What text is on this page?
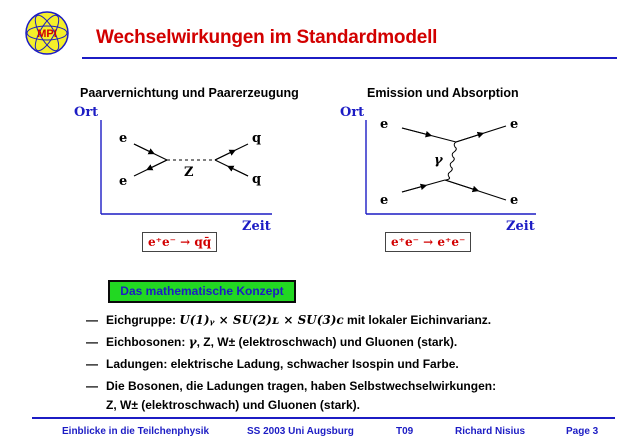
MPI Wechselwirkungen im Standardmodell
Paarvernichtung und Paarerzeugung
Ort
Zeit
e
e
q
q
Z
e⁺e⁻ → qq̄
Emission und Absorption
Ort
Zeit
e	e
e	e
γ
e⁺e⁻ → e⁺e⁻
Das mathematische Konzept
— Eichgruppe: U(1)ᵧ × SU(2)ʟ × SU(3)ᴄ mit lokaler Eichinvarianz.
— Eichbosonen: γ, Z, W± (elektroschwach) und Gluonen (stark).
— Ladungen: elektrische Ladung, schwacher Isospin und Farbe.
— Die Bosonen, die Ladungen tragen, haben Selbstwechselwirkungen:
Z, W± (elektroschwach) und Gluonen (stark).
Einblicke in die Teilchenphysik	SS 2003 Uni Augsburg	T09	Richard Nisius	Page 3
